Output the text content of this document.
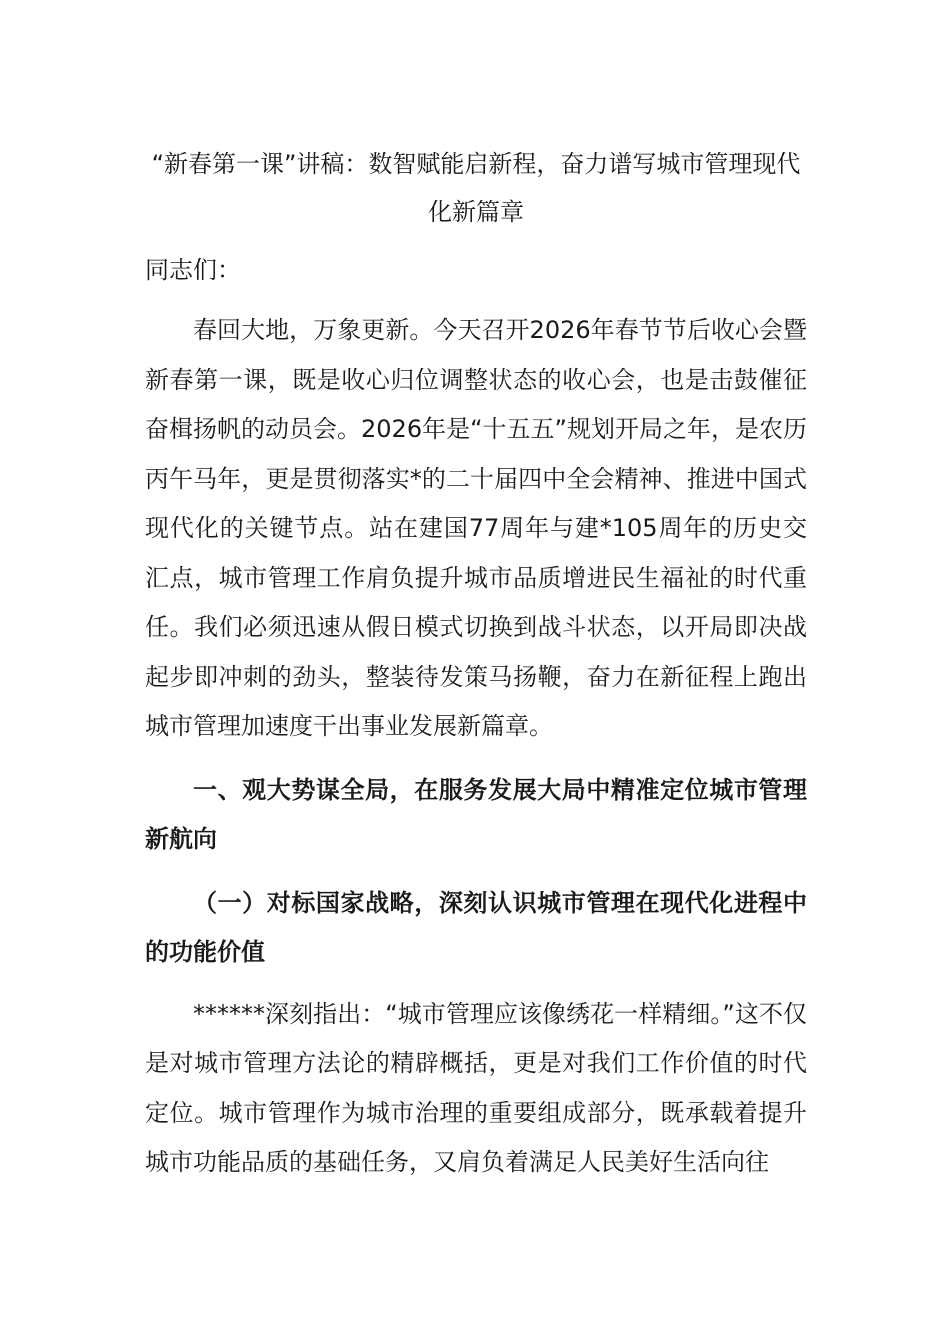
“新春第一课”讲稿：数智赋能启新程，奋力谱写城市管理现代化新篇章

同志们：

春回大地，万象更新。今天召开2026年春节节后收心会暨新春第一课，既是收心归位调整状态的收心会，也是击鼓催征奋楫扬帆的动员会。2026年是“十五五”规划开局之年，是农历丙午马年，更是贯彻落实*的二十届四中全会精神、推进中国式现代化的关键节点。站在建国77周年与建*105周年的历史交汇点，城市管理工作肩负提升城市品质增进民生福祉的时代重任。我们必须迅速从假日模式切换到战斗状态，以开局即决战起步即冲刺的劲头，整装待发策马扬鞭，奋力在新征程上跑出城市管理加速度干出事业发展新篇章。

一、观大势谋全局，在服务发展大局中精准定位城市管理新航向

（一）对标国家战略，深刻认识城市管理在现代化进程中的功能价值

******深刻指出：“城市管理应该像绣花一样精细。”这不仅是对城市管理方法论的精辟概括，更是对我们工作价值的时代定位。城市管理作为城市治理的重要组成部分，既承载着提升城市功能品质的基础任务，又肩负着满足人民美好生活向往
